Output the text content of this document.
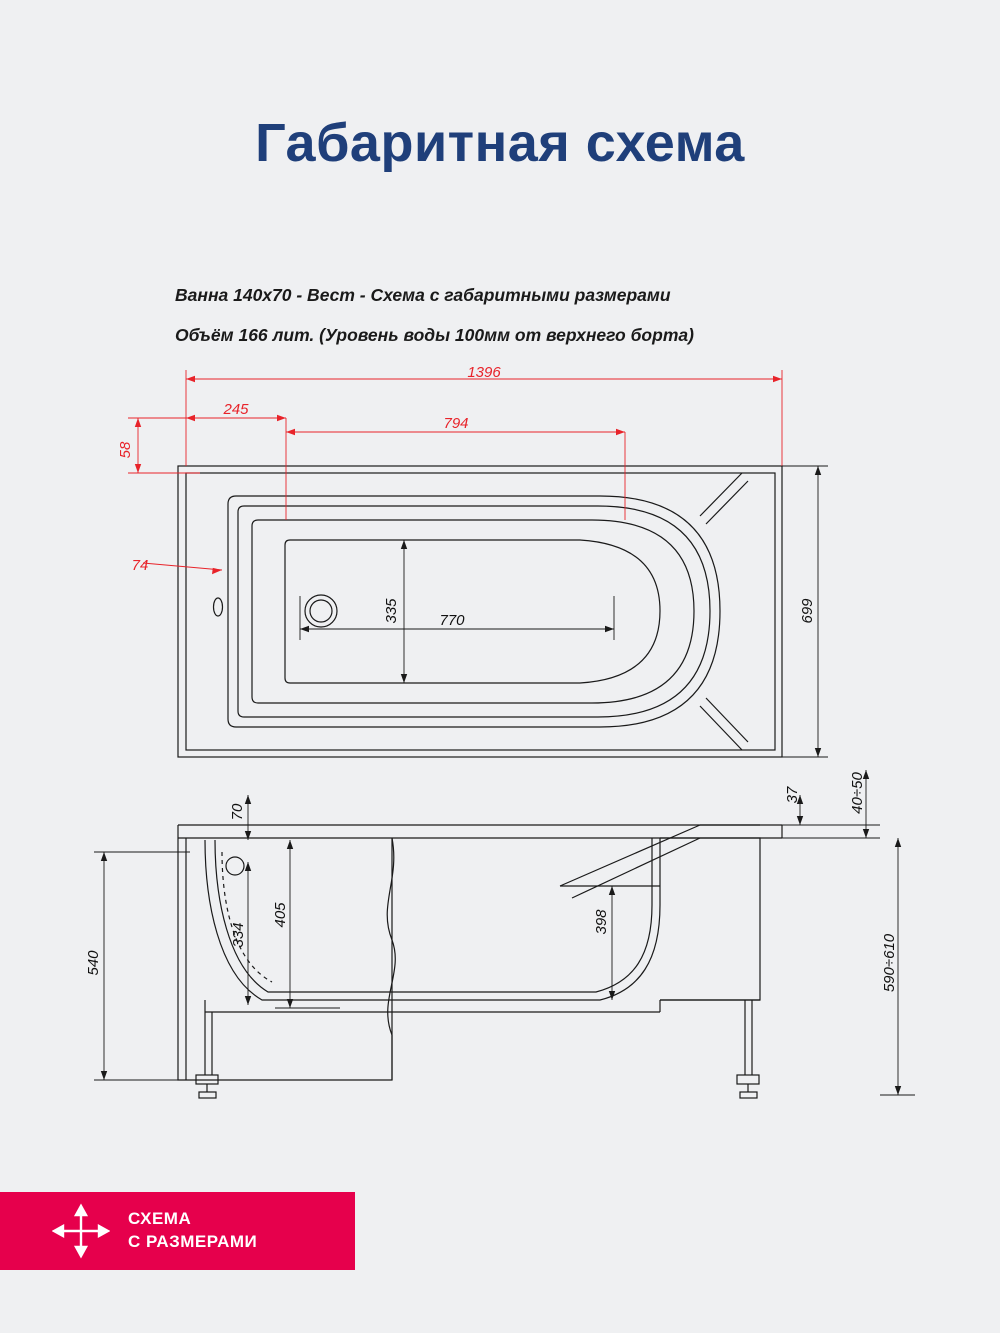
Габаритная схема
Ванна 140х70 - Вест - Схема с габаритными размерами
Объём 166 лит. (Уровень воды 100мм от верхнего борта)
1396
245
794
58
74
699
335	770
70
334
405	398
540
37	40÷50
590÷610
СХЕМА
С РАЗМЕРАМИ
